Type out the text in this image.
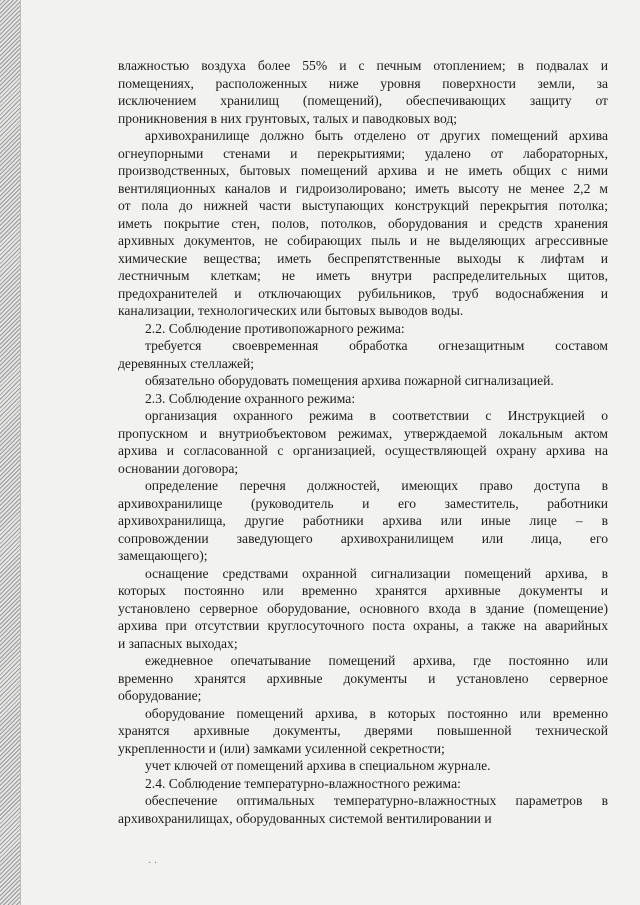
влажностью воздуха более 55% и с печным отоплением; в подвалах и

помещениях, расположенных ниже уровня поверхности земли, за

исключением хранилищ (помещений), обеспечивающих защиту от

проникновения в них грунтовых, талых и паводковых вод;

архивохранилище должно быть отделено от других помещений архива

огнеупорными стенами и перекрытиями; удалено от лабораторных,

производственных, бытовых помещений архива и не иметь общих с ними

вентиляционных каналов и гидроизолировано; иметь высоту не менее 2,2 м

от пола до нижней части выступающих конструкций перекрытия потолка;

иметь покрытие стен, полов, потолков, оборудования и средств хранения

архивных документов, не собирающих пыль и не выделяющих агрессивные

химические вещества; иметь беспрепятственные выходы к лифтам и

лестничным клеткам; не иметь внутри распределительных щитов,

предохранителей и отключающих рубильников, труб водоснабжения и

канализации, технологических или бытовых выводов воды.

2.2. Соблюдение противопожарного режима:

требуется своевременная обработка огнезащитным составом

деревянных стеллажей;

обязательно оборудовать помещения архива пожарной сигнализацией.

2.3. Соблюдение охранного режима:

организация охранного режима в соответствии с Инструкцией о

пропускном и внутриобъектовом режимах, утверждаемой локальным актом

архива и согласованной с организацией, осуществляющей охрану архива на

основании договора;

определение перечня должностей, имеющих право доступа в

архивохранилище (руководитель и его заместитель, работники

архивохранилища, другие работники архива или иные лице – в

сопровождении заведующего архивохранилищем или лица, его

замещающего);

оснащение средствами охранной сигнализации помещений архива, в

которых постоянно или временно хранятся архивные документы и

установлено серверное оборудование, основного входа в здание (помещение)

архива при отсутствии круглосуточного поста охраны, а также на аварийных

и запасных выходах;

ежедневное опечатывание помещений архива, где постоянно или

временно хранятся архивные документы и установлено серверное

оборудование;

оборудование помещений архива, в которых постоянно или временно

хранятся архивные документы, дверями повышенной технической

укрепленности и (или) замками усиленной секретности;

учет ключей от помещений архива в специальном журнале.

2.4. Соблюдение температурно-влажностного режима:

обеспечение оптимальных температурно-влажностных параметров в

архивохранилищах, оборудованных системой вентилировании и

· ·
